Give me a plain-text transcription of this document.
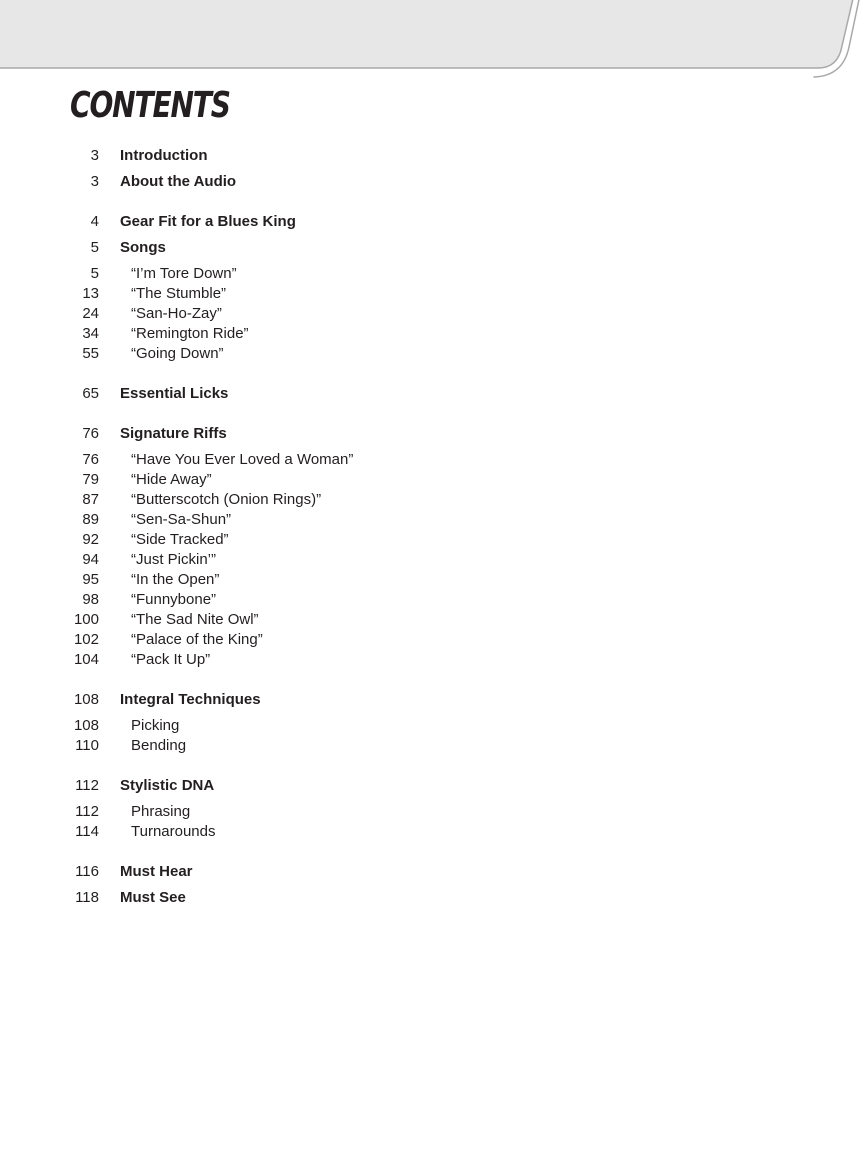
CONTENTS
3 Introduction
3 About the Audio
4 Gear Fit for a Blues King
5 Songs
5 “I’m Tore Down”
13 “The Stumble”
24 “San-Ho-Zay”
34 “Remington Ride”
55 “Going Down”
65 Essential Licks
76 Signature Riffs
76 “Have You Ever Loved a Woman”
79 “Hide Away”
87 “Butterscotch (Onion Rings)”
89 “Sen-Sa-Shun”
92 “Side Tracked”
94 “Just Pickin’”
95 “In the Open”
98 “Funnybone”
100 “The Sad Nite Owl”
102 “Palace of the King”
104 “Pack It Up”
108 Integral Techniques
108 Picking
110 Bending
112 Stylistic DNA
112 Phrasing
114 Turnarounds
116 Must Hear
118 Must See
